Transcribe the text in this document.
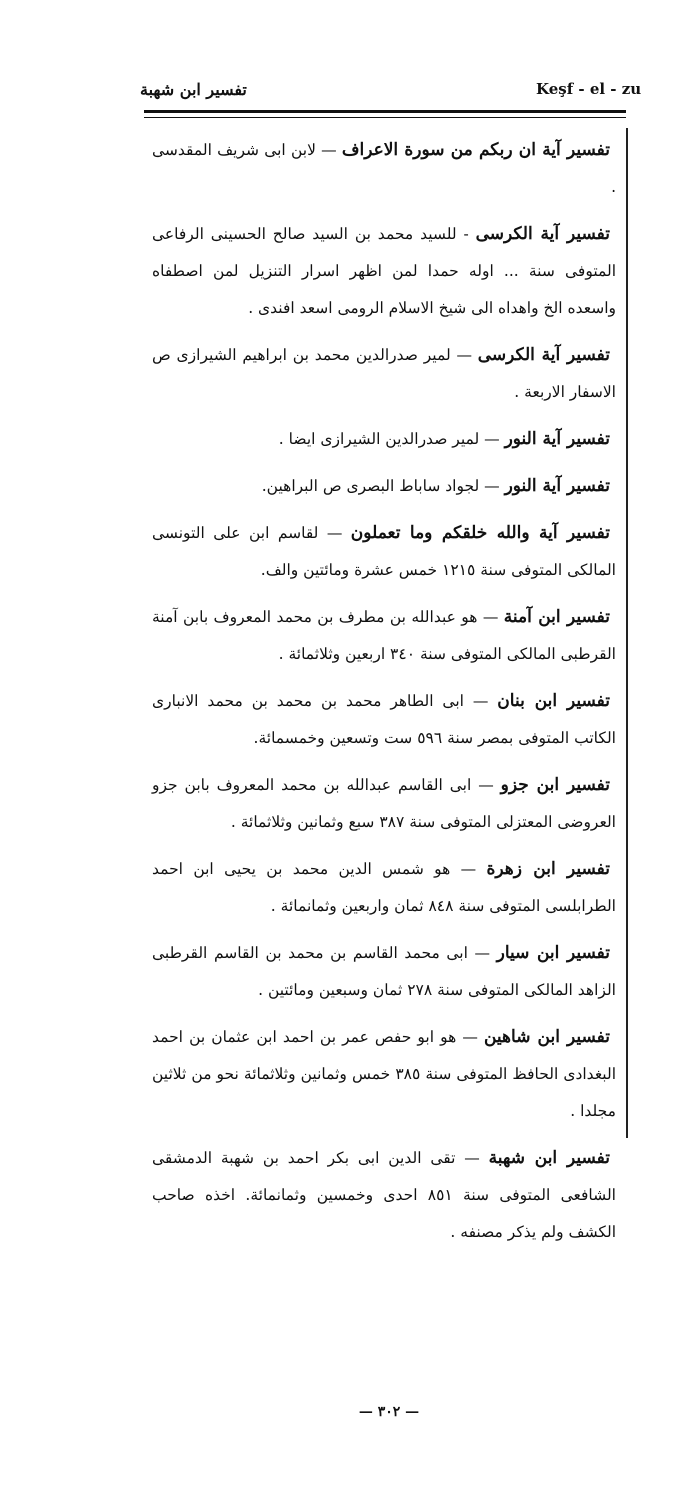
تفسير ابن شهبة	Keşf - el - zu

تفسير آية ان ربكم من سورة الاعراف — لابن ابى شريف المقدسى .

تفسير آية الكرسى - للسيد محمد بن السيد صالح الحسينى الرفاعى المتوفى سنة ... اوله حمدا لمن اظهر اسرار التنزيل لمن اصطفاه واسعده الخ واهداه الى شيخ الاسلام الرومى اسعد افندى .

تفسير آية الكرسى — لمير صدرالدين محمد بن ابراهيم الشيرازى ص الاسفار الاربعة .

تفسير آية النور — لمير صدرالدين الشيرازى ايضا .

تفسير آية النور — لجواد ساباط البصرى ص البراهين.

تفسير آية والله خلقكم وما تعملون — لقاسم ابن على التونسى المالكى المتوفى سنة ١٢١٥ خمس عشرة ومائتين والف.

تفسير ابن آمنة — هو عبدالله بن مطرف بن محمد المعروف بابن آمنة القرطبى المالكى المتوفى سنة ٣٤٠ اربعين وثلاثمائة .

تفسير ابن بنان — ابى الطاهر محمد بن محمد بن محمد الانبارى الكاتب المتوفى بمصر سنة ٥٩٦ ست وتسعين وخمسمائة.

تفسير ابن جزو — ابى القاسم عبدالله بن محمد المعروف بابن جزو العروضى المعتزلى المتوفى سنة ٣٨٧ سبع وثمانين وثلاثمائة .

تفسير ابن زهرة — هو شمس الدين محمد بن يحيى ابن احمد الطرابلسى المتوفى سنة ٨٤٨ ثمان واربعين وثمانمائة .

تفسير ابن سيار — ابى محمد القاسم بن محمد بن القاسم القرطبى الزاهد المالكى المتوفى سنة ٢٧٨ ثمان وسبعين ومائتين .

تفسير ابن شاهين — هو ابو حفص عمر بن احمد ابن عثمان بن احمد البغدادى الحافظ المتوفى سنة ٣٨٥ خمس وثمانين وثلاثمائة نحو من ثلاثين مجلدا .

تفسير ابن شهبة — تقى الدين ابى بكر احمد بن شهبة الدمشقى الشافعى المتوفى سنة ٨٥١ احدى وخمسين وثمانمائة. اخذه صاحب الكشف ولم يذكر مصنفه .

— ٣٠٢ —
